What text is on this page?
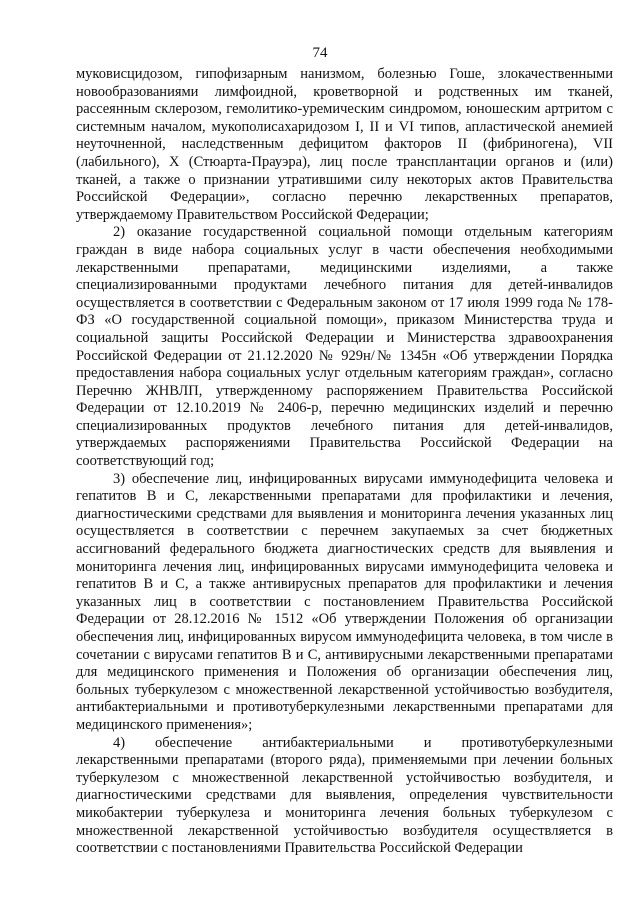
74

муковисцидозом, гипофизарным нанизмом, болезнью Гоше, злокачественными новообразованиями лимфоидной, кроветворной и родственных им тканей, рассеянным склерозом, гемолитико-уремическим синдромом, юношеским артритом с системным началом, мукополисахаридозом I, II и VI типов, апластической анемией неуточненной, наследственным дефицитом факторов II (фибриногена), VII (лабильного), X (Стюарта-Прауэра), лиц после трансплантации органов и (или) тканей, а также о признании утратившими силу некоторых актов Правительства Российской Федерации», согласно перечню лекарственных препаратов, утверждаемому Правительством Российской Федерации;

2) оказание государственной социальной помощи отдельным категориям граждан в виде набора социальных услуг в части обеспечения необходимыми лекарственными препаратами, медицинскими изделиями, а также специализированными продуктами лечебного питания для детей-инвалидов осуществляется в соответствии с Федеральным законом от 17 июля 1999 года № 178-ФЗ «О государственной социальной помощи», приказом Министерства труда и социальной защиты Российской Федерации и Министерства здравоохранения Российской Федерации от 21.12.2020 № 929н/№ 1345н «Об утверждении Порядка предоставления набора социальных услуг отдельным категориям граждан», согласно Перечню ЖНВЛП, утвержденному распоряжением Правительства Российской Федерации от 12.10.2019 № 2406-р, перечню медицинских изделий и перечню специализированных продуктов лечебного питания для детей-инвалидов, утверждаемых распоряжениями Правительства Российской Федерации на соответствующий год;

3) обеспечение лиц, инфицированных вирусами иммунодефицита человека и гепатитов B и C, лекарственными препаратами для профилактики и лечения, диагностическими средствами для выявления и мониторинга лечения указанных лиц осуществляется в соответствии с перечнем закупаемых за счет бюджетных ассигнований федерального бюджета диагностических средств для выявления и мониторинга лечения лиц, инфицированных вирусами иммунодефицита человека и гепатитов B и C, а также антивирусных препаратов для профилактики и лечения указанных лиц в соответствии с постановлением Правительства Российской Федерации от 28.12.2016 № 1512 «Об утверждении Положения об организации обеспечения лиц, инфицированных вирусом иммунодефицита человека, в том числе в сочетании с вирусами гепатитов B и C, антивирусными лекарственными препаратами для медицинского применения и Положения об организации обеспечения лиц, больных туберкулезом с множественной лекарственной устойчивостью возбудителя, антибактериальными и противотуберкулезными лекарственными препаратами для медицинского применения»;

4) обеспечение антибактериальными и противотуберкулезными лекарственными препаратами (второго ряда), применяемыми при лечении больных туберкулезом с множественной лекарственной устойчивостью возбудителя, и диагностическими средствами для выявления, определения чувствительности микобактерии туберкулеза и мониторинга лечения больных туберкулезом с множественной лекарственной устойчивостью возбудителя осуществляется в соответствии с постановлениями Правительства Российской Федерации
